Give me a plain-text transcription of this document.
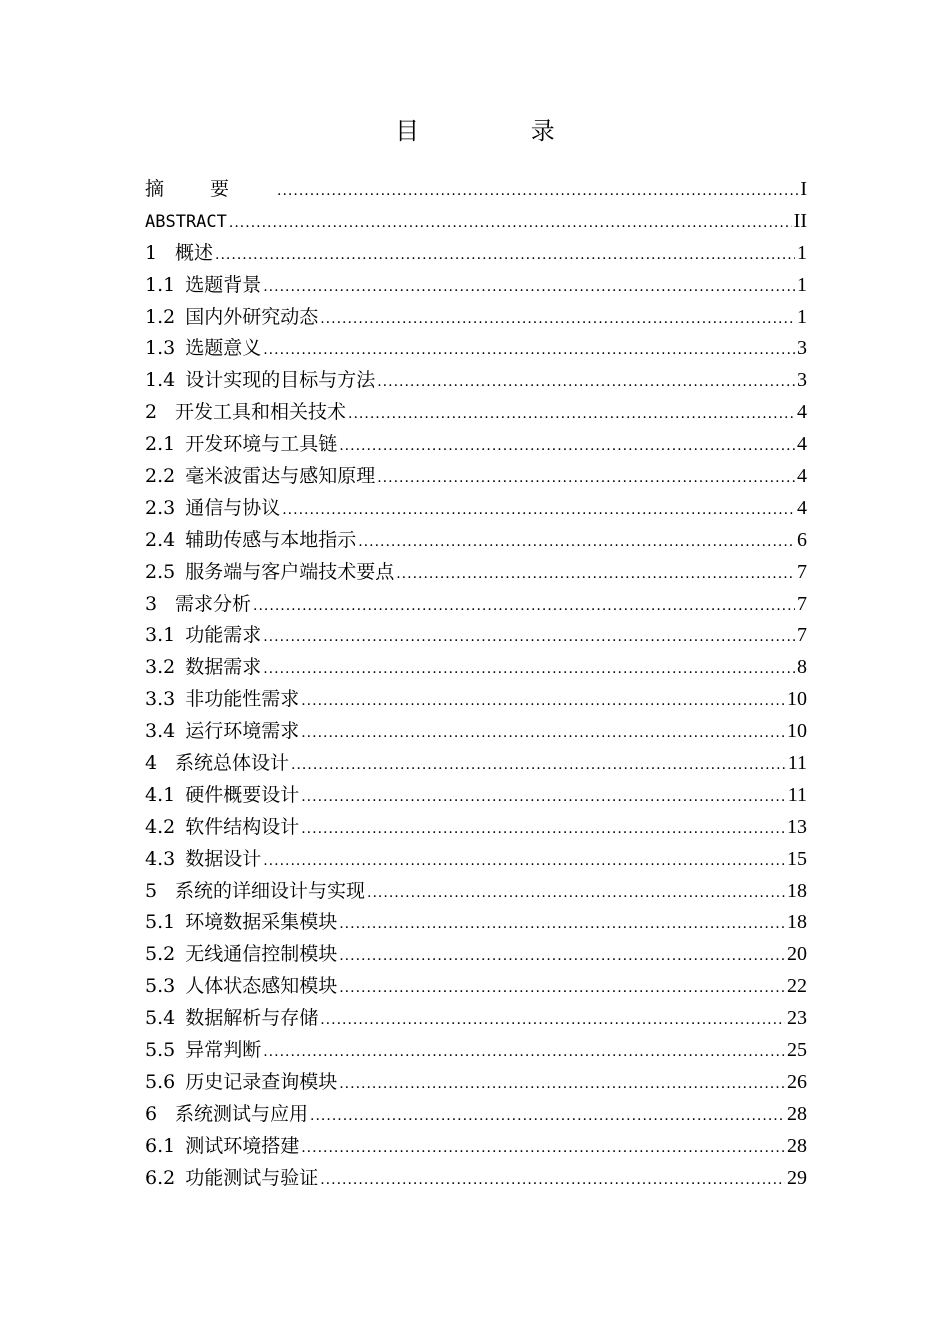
目 录
摘要 .....	I
ABSTRACT .....	II
1 概述 .....	1
1.1 选题背景 .....	1
1.2 国内外研究动态 .....	1
1.3 选题意义 .....	3
1.4 设计实现的目标与方法 .....	3
2 开发工具和相关技术 .....	4
2.1 开发环境与工具链 .....	4
2.2 毫米波雷达与感知原理 .....	4
2.3 通信与协议 .....	4
2.4 辅助传感与本地指示 .....	6
2.5 服务端与客户端技术要点 .....	7
3 需求分析 .....	7
3.1 功能需求 .....	7
3.2 数据需求 .....	8
3.3 非功能性需求 .....	10
3.4 运行环境需求 .....	10
4 系统总体设计 .....	11
4.1 硬件概要设计 .....	11
4.2 软件结构设计 .....	13
4.3 数据设计 .....	15
5 系统的详细设计与实现 .....	18
5.1 环境数据采集模块 .....	18
5.2 无线通信控制模块 .....	20
5.3 人体状态感知模块 .....	22
5.4 数据解析与存储 .....	23
5.5 异常判断 .....	25
5.6 历史记录查询模块 .....	26
6 系统测试与应用 .....	28
6.1 测试环境搭建 .....	28
6.2 功能测试与验证 .....	29
